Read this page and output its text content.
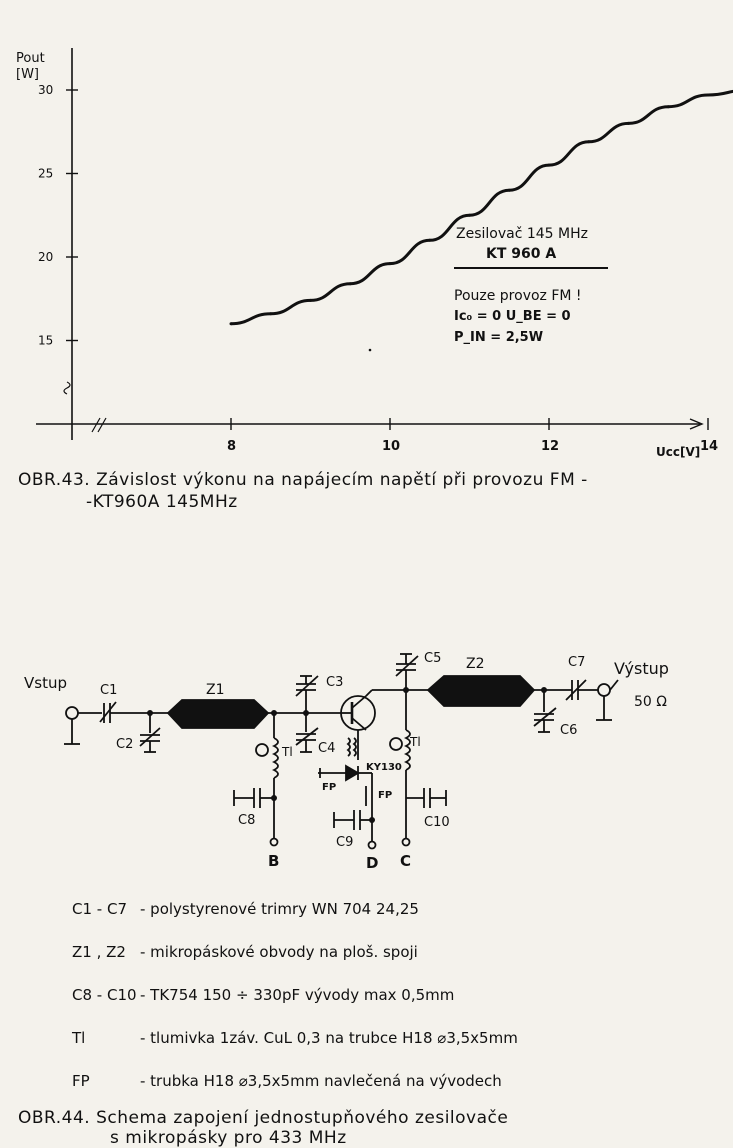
15
20
25
30
8	10	12	14
Pout
[W]
Ucc[V]
Zesilovač 145 MHz
KT 960 A
Pouze provoz FM !
Ic₀ = 0 U_BE = 0
P_IN = 2,5W
OBR.43. Závislost výkonu na napájecím napětí při provozu FM -
-KT960A 145MHz
Vstup
Výstup
50 Ω
C1
C2
Z1	C3
C4
C5 Z2
C6
C7
C8
C9
C10
Tl
Tl
KY130
FP
FP
B	D C
C1 - C7 - polystyrenové trimry WN 704 24,25
Z1 , Z2 - mikropáskové obvody na ploš. spoji
C8 - C10 - TK754 150 ÷ 330pF vývody max 0,5mm
Tl	- tlumivka 1záv. CuL 0,3 na trubce H18 ⌀3,5x5mm
FP	- trubka H18 ⌀3,5x5mm navlečená na vývodech
OBR.44. Schema zapojení jednostupňového zesilovače
s mikropásky pro 433 MHz
